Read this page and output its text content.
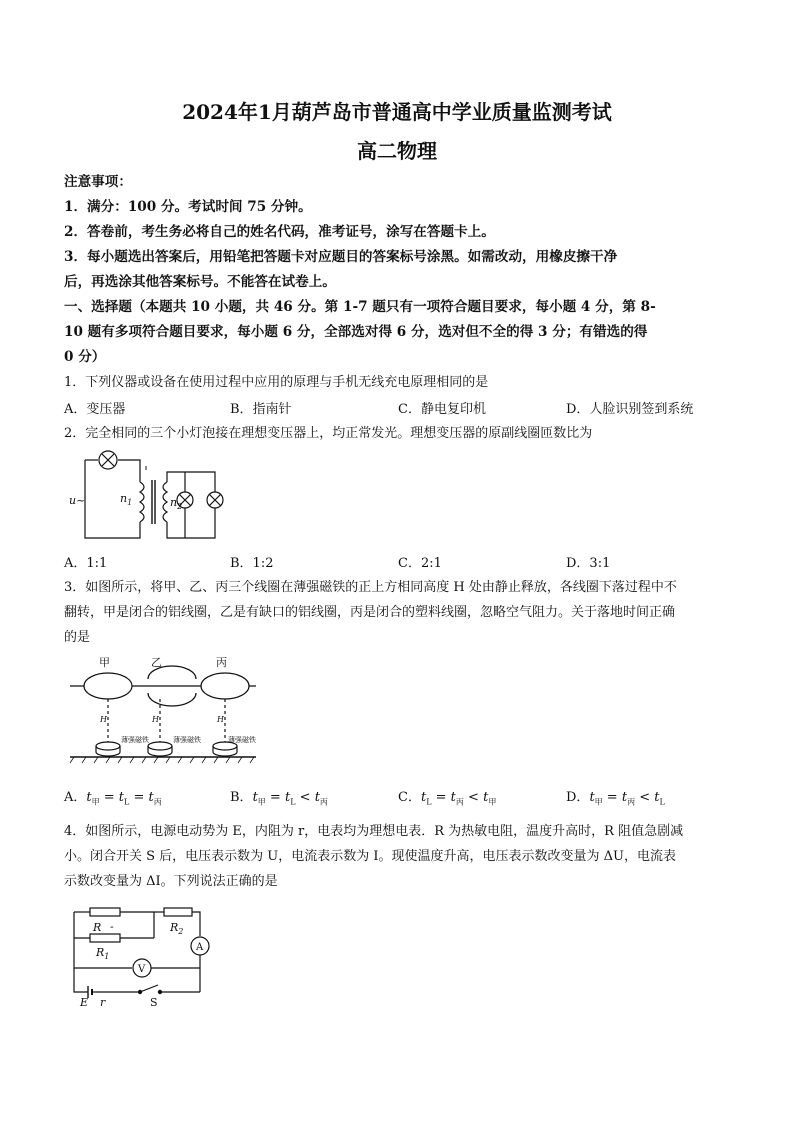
2024年1月葫芦岛市普通高中学业质量监测考试
高二物理
注意事项：
1．满分：100 分。考试时间 75 分钟。
2．答卷前，考生务必将自己的姓名代码，准考证号，涂写在答题卡上。
3．每小题选出答案后，用铅笔把答题卡对应题目的答案标号涂黑。如需改动，用橡皮擦干净
后，再选涂其他答案标号。不能答在试卷上。
一、选择题（本题共 10 小题，共 46 分。第 1-7 题只有一项符合题目要求，每小题 4 分，第 8-
10 题有多项符合题目要求，每小题 6 分，全部选对得 6 分，选对但不全的得 3 分；有错选的得
0 分）
1．下列仪器或设备在使用过程中应用的原理与手机无线充电原理相同的是
A．变压器	B．指南针	C．静电复印机	D．人脸识别签到系统
2．完全相同的三个小灯泡接在理想变压器上，均正常发光。理想变压器的原副线圈匝数比为
u~	$n_1$	$n_2$
A．1:1	B．1:2	C．2:1	D．3:1
3．如图所示，将甲、乙、丙三个线圈在薄强磁铁的正上方相同高度 H 处由静止释放，各线圈下落过程中不
翻转，甲是闭合的铝线圈，乙是有缺口的铝线圈，丙是闭合的塑料线圈，忽略空气阻力。关于落地时间正确
的是
甲	乙	丙
H	H	H
薄强磁铁	薄强磁铁	薄强磁铁
A．$t_甲 = t_L = t_丙$	B．$t_甲 = t_L < t_丙$	C．$t_L = t_丙 < t_甲$	D．$t_甲 = t_丙 < t_L$
4．如图所示，电源电动势为 E，内阻为 r，电表均为理想电表．R 为热敏电阻，温度升高时，R 阻值急剧减
小。闭合开关 S 后，电压表示数为 U，电流表示数为 I。现使温度升高，电压表示数改变量为 ΔU，电流表
示数改变量为 ΔI。下列说法正确的是
R -
$R_1$
$R_2$
A
V
E r	S
